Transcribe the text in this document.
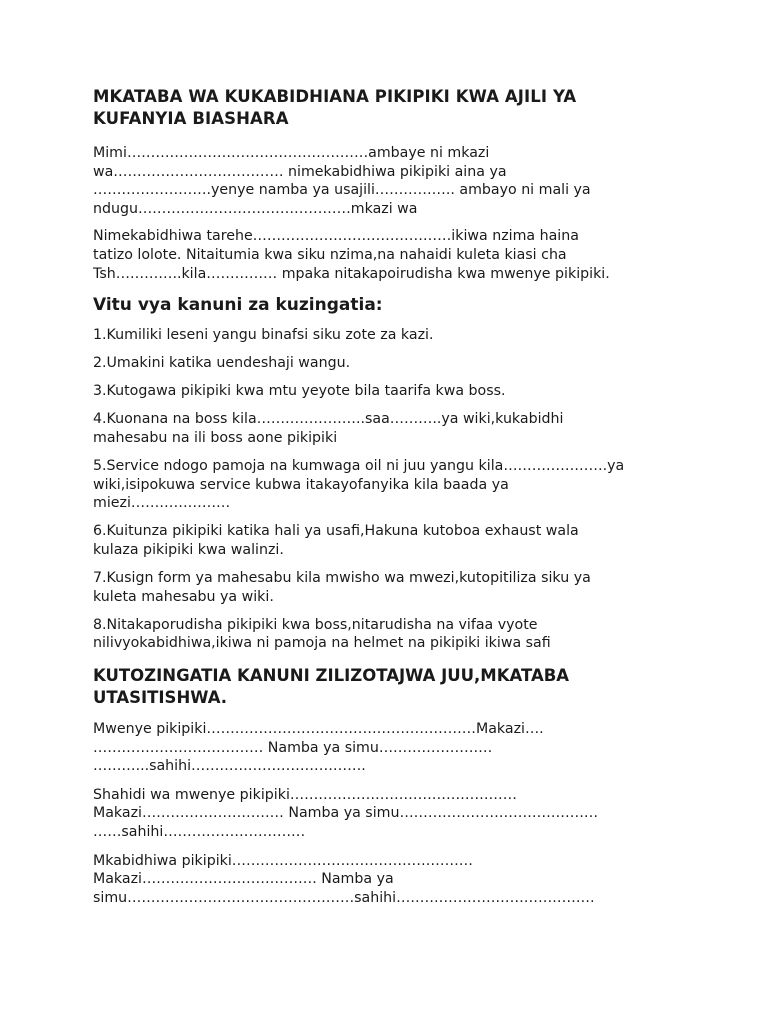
MKATABA WA KUKABIDHIANA PIKIPIKI KWA AJILI YA
KUFANYIA BIASHARA

Mimi……………………………………………ambaye ni mkazi
wa……………………………… nimekabidhiwa pikipiki aina ya
…………………….yenye namba ya usajili…………….. ambayo ni mali ya
ndugu………………………………………mkazi wa

Nimekabidhiwa tarehe……………………………………ikiwa nzima haina
tatizo lolote. Nitaitumia kwa siku nzima,na nahaidi kuleta kiasi cha
Tsh…………..kila…………… mpaka nitakapoirudisha kwa mwenye pikipiki.

Vitu vya kanuni za kuzingatia:
1.Kumiliki leseni yangu binafsi siku zote za kazi.
2.Umakini katika uendeshaji wangu.
3.Kutogawa pikipiki kwa mtu yeyote bila taarifa kwa boss.
4.Kuonana na boss kila…………………..saa………..ya wiki,kukabidhi
mahesabu na ili boss aone pikipiki
5.Service ndogo pamoja na kumwaga oil ni juu yangu kila………………….ya
wiki,isipokuwa service kubwa itakayofanyika kila baada ya
miezi…………………
6.Kuitunza pikipiki katika hali ya usafi,Hakuna kutoboa exhaust wala
kulaza pikipiki kwa walinzi.
7.Kusign form ya mahesabu kila mwisho wa mwezi,kutopitiliza siku ya
kuleta mahesabu ya wiki.
8.Nitakaporudisha pikipiki kwa boss,nitarudisha na vifaa vyote
nilivyokabidhiwa,ikiwa ni pamoja na helmet na pikipiki ikiwa safi
KUTOZINGATIA KANUNI ZILIZOTAJWA JUU,MKATABA
UTASITISHWA.

Mwenye pikipiki…………………………………………………Makazi….
……………………………… Namba ya simu……………………
………...sahihi……………………………….

Shahidi wa mwenye pikipiki…………………………………………
Makazi………………………… Namba ya simu……………………………………
……sahihi…………………………

Mkabidhiwa pikipiki……………………………………………
Makazi………………………………. Namba ya
simu…………………………………………sahihi……………………………………
